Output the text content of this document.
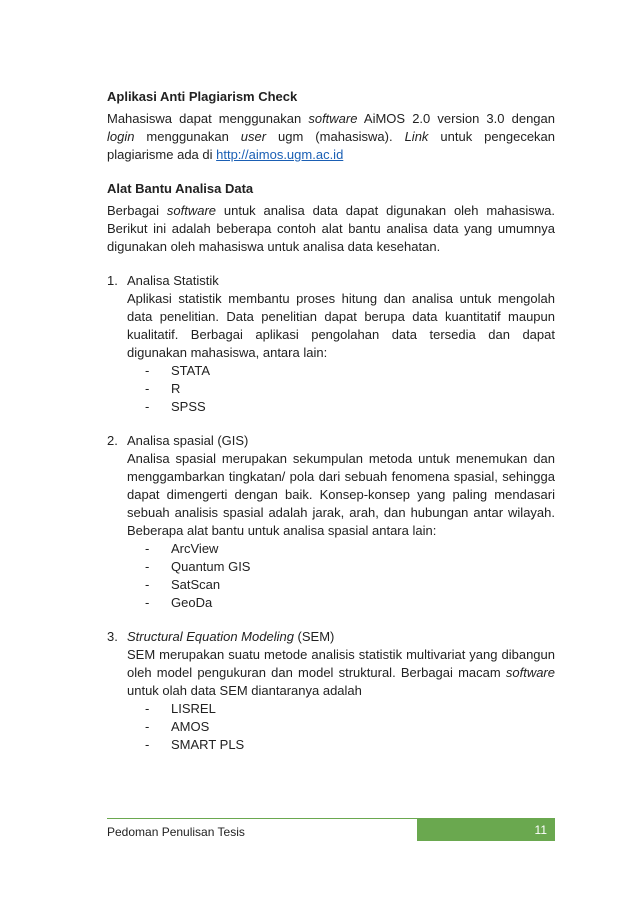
Aplikasi Anti Plagiarism Check

Mahasiswa dapat menggunakan software AiMOS 2.0 version 3.0 dengan login menggunakan user ugm (mahasiswa). Link untuk pengecekan plagiarisme ada di http://aimos.ugm.ac.id

Alat Bantu Analisa Data

Berbagai software untuk analisa data dapat digunakan oleh mahasiswa. Berikut ini adalah beberapa contoh alat bantu analisa data yang umumnya digunakan oleh mahasiswa untuk analisa data kesehatan.

1. Analisa Statistik

Aplikasi statistik membantu proses hitung dan analisa untuk mengolah data penelitian. Data penelitian dapat berupa data kuantitatif maupun kualitatif. Berbagai aplikasi pengolahan data tersedia dan dapat digunakan mahasiswa, antara lain:

-	STATA
-	R
-	SPSS
2. Analisa spasial (GIS)

Analisa spasial merupakan sekumpulan metoda untuk menemukan dan menggambarkan tingkatan/ pola dari sebuah fenomena spasial, sehingga dapat dimengerti dengan baik. Konsep-konsep yang paling mendasari sebuah analisis spasial adalah jarak, arah, dan hubungan antar wilayah. Beberapa alat bantu untuk analisa spasial antara lain:

-	ArcView
-	Quantum GIS
-	SatScan
-	GeoDa
3. Structural Equation Modeling (SEM)

SEM merupakan suatu metode analisis statistik multivariat yang dibangun oleh model pengukuran dan model struktural. Berbagai macam software untuk olah data SEM diantaranya adalah

-	LISREL
-	AMOS
-	SMART PLS
Pedoman Penulisan Tesis	11
